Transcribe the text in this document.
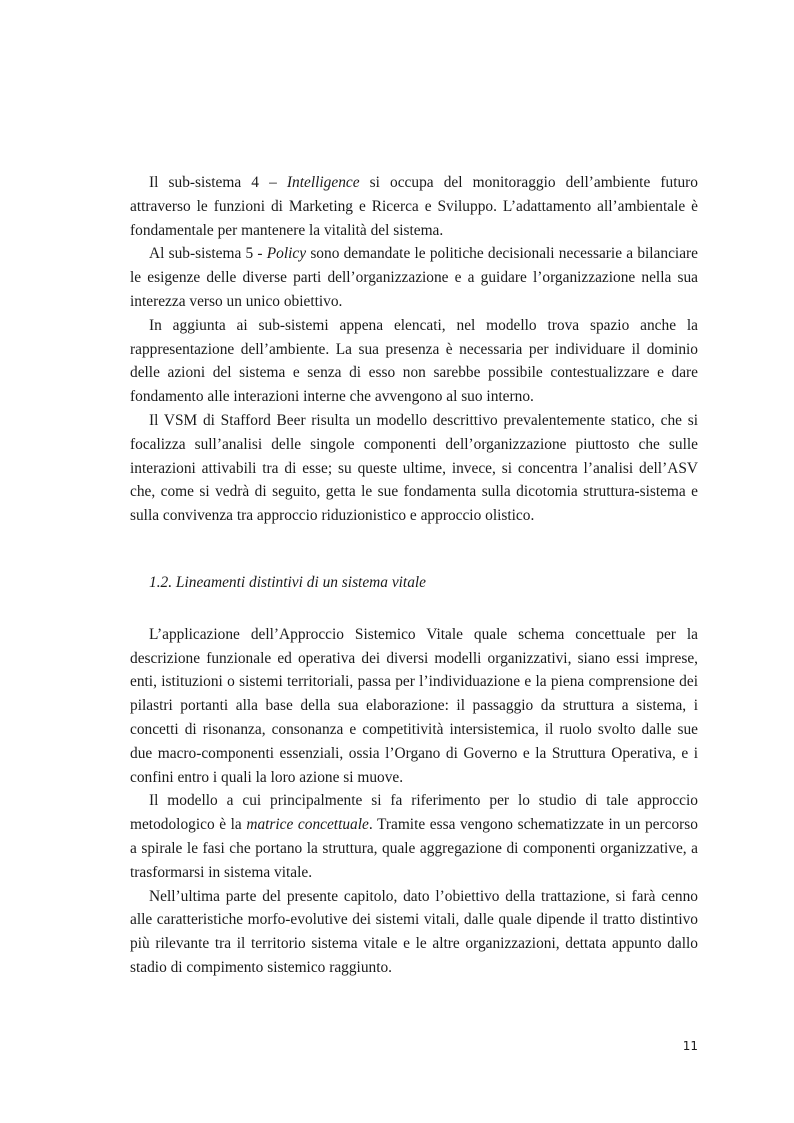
Il sub-sistema 4 – Intelligence si occupa del monitoraggio dell’ambiente futuro attraverso le funzioni di Marketing e Ricerca e Sviluppo. L’adattamento all’ambientale è fondamentale per mantenere la vitalità del sistema.

Al sub-sistema 5 - Policy sono demandate le politiche decisionali necessarie a bilanciare le esigenze delle diverse parti dell’organizzazione e a guidare l’organizzazione nella sua interezza verso un unico obiettivo.

In aggiunta ai sub-sistemi appena elencati, nel modello trova spazio anche la rappresentazione dell’ambiente. La sua presenza è necessaria per individuare il dominio delle azioni del sistema e senza di esso non sarebbe possibile contestualizzare e dare fondamento alle interazioni interne che avvengono al suo interno.

Il VSM di Stafford Beer risulta un modello descrittivo prevalentemente statico, che si focalizza sull’analisi delle singole componenti dell’organizzazione piuttosto che sulle interazioni attivabili tra di esse; su queste ultime, invece, si concentra l’analisi dell’ASV che, come si vedrà di seguito, getta le sue fondamenta sulla dicotomia struttura-sistema e sulla convivenza tra approccio riduzionistico e approccio olistico.

1.2. Lineamenti distintivi di un sistema vitale

L’applicazione dell’Approccio Sistemico Vitale quale schema concettuale per la descrizione funzionale ed operativa dei diversi modelli organizzativi, siano essi imprese, enti, istituzioni o sistemi territoriali, passa per l’individuazione e la piena comprensione dei pilastri portanti alla base della sua elaborazione: il passaggio da struttura a sistema, i concetti di risonanza, consonanza e competitività intersistemica, il ruolo svolto dalle sue due macro-componenti essenziali, ossia l’Organo di Governo e la Struttura Operativa, e i confini entro i quali la loro azione si muove.

Il modello a cui principalmente si fa riferimento per lo studio di tale approccio metodologico è la matrice concettuale. Tramite essa vengono schematizzate in un percorso a spirale le fasi che portano la struttura, quale aggregazione di componenti organizzative, a trasformarsi in sistema vitale.

Nell’ultima parte del presente capitolo, dato l’obiettivo della trattazione, si farà cenno alle caratteristiche morfo-evolutive dei sistemi vitali, dalle quale dipende il tratto distintivo più rilevante tra il territorio sistema vitale e le altre organizzazioni, dettata appunto dallo stadio di compimento sistemico raggiunto.

11
